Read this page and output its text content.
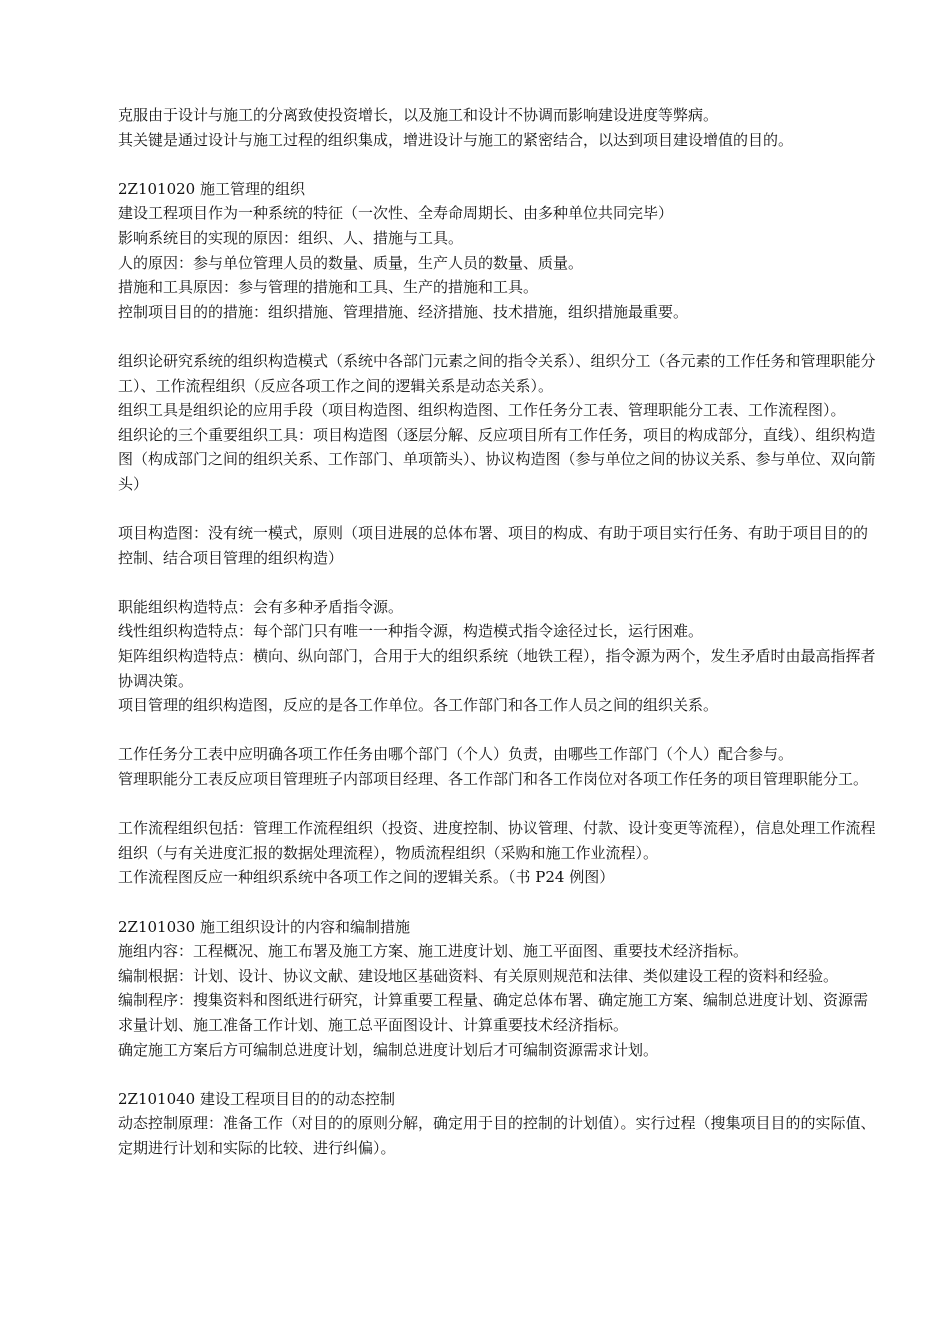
克服由于设计与施工的分离致使投资增长，以及施工和设计不协调而影响建设进度等弊病。

其关键是通过设计与施工过程的组织集成，增进设计与施工的紧密结合，以达到项目建设增值的目的。

2Z101020 施工管理的组织

建设工程项目作为一种系统的特征（一次性、全寿命周期长、由多种单位共同完毕）

影响系统目的实现的原因：组织、人、措施与工具。

人的原因：参与单位管理人员的数量、质量，生产人员的数量、质量。

措施和工具原因：参与管理的措施和工具、生产的措施和工具。

控制项目目的的措施：组织措施、管理措施、经济措施、技术措施，组织措施最重要。

组织论研究系统的组织构造模式（系统中各部门元素之间的指令关系）、组织分工（各元素的工作任务和管理职能分工）、工作流程组织（反应各项工作之间的逻辑关系是动态关系）。

组织工具是组织论的应用手段（项目构造图、组织构造图、工作任务分工表、管理职能分工表、工作流程图）。

组织论的三个重要组织工具：项目构造图（逐层分解、反应项目所有工作任务，项目的构成部分，直线）、组织构造图（构成部门之间的组织关系、工作部门、单项箭头）、协议构造图（参与单位之间的协议关系、参与单位、双向箭头）

项目构造图：没有统一模式，原则（项目进展的总体布署、项目的构成、有助于项目实行任务、有助于项目目的的控制、结合项目管理的组织构造）

职能组织构造特点：会有多种矛盾指令源。

线性组织构造特点：每个部门只有唯一一种指令源，构造模式指令途径过长，运行困难。

矩阵组织构造特点：横向、纵向部门，合用于大的组织系统（地铁工程），指令源为两个，发生矛盾时由最高指挥者协调决策。

项目管理的组织构造图，反应的是各工作单位。各工作部门和各工作人员之间的组织关系。

工作任务分工表中应明确各项工作任务由哪个部门（个人）负责，由哪些工作部门（个人）配合参与。

管理职能分工表反应项目管理班子内部项目经理、各工作部门和各工作岗位对各项工作任务的项目管理职能分工。

工作流程组织包括：管理工作流程组织（投资、进度控制、协议管理、付款、设计变更等流程），信息处理工作流程组织（与有关进度汇报的数据处理流程），物质流程组织（采购和施工作业流程）。

工作流程图反应一种组织系统中各项工作之间的逻辑关系。（书 P24 例图）

2Z101030 施工组织设计的内容和编制措施

施组内容：工程概况、施工布署及施工方案、施工进度计划、施工平面图、重要技术经济指标。

编制根据：计划、设计、协议文献、建设地区基础资料、有关原则规范和法律、类似建设工程的资料和经验。

编制程序：搜集资料和图纸进行研究，计算重要工程量、确定总体布署、确定施工方案、编制总进度计划、资源需求量计划、施工准备工作计划、施工总平面图设计、计算重要技术经济指标。

确定施工方案后方可编制总进度计划，编制总进度计划后才可编制资源需求计划。

2Z101040 建设工程项目目的的动态控制

动态控制原理：准备工作（对目的的原则分解，确定用于目的控制的计划值）。实行过程（搜集项目目的的实际值、定期进行计划和实际的比较、进行纠偏）。
